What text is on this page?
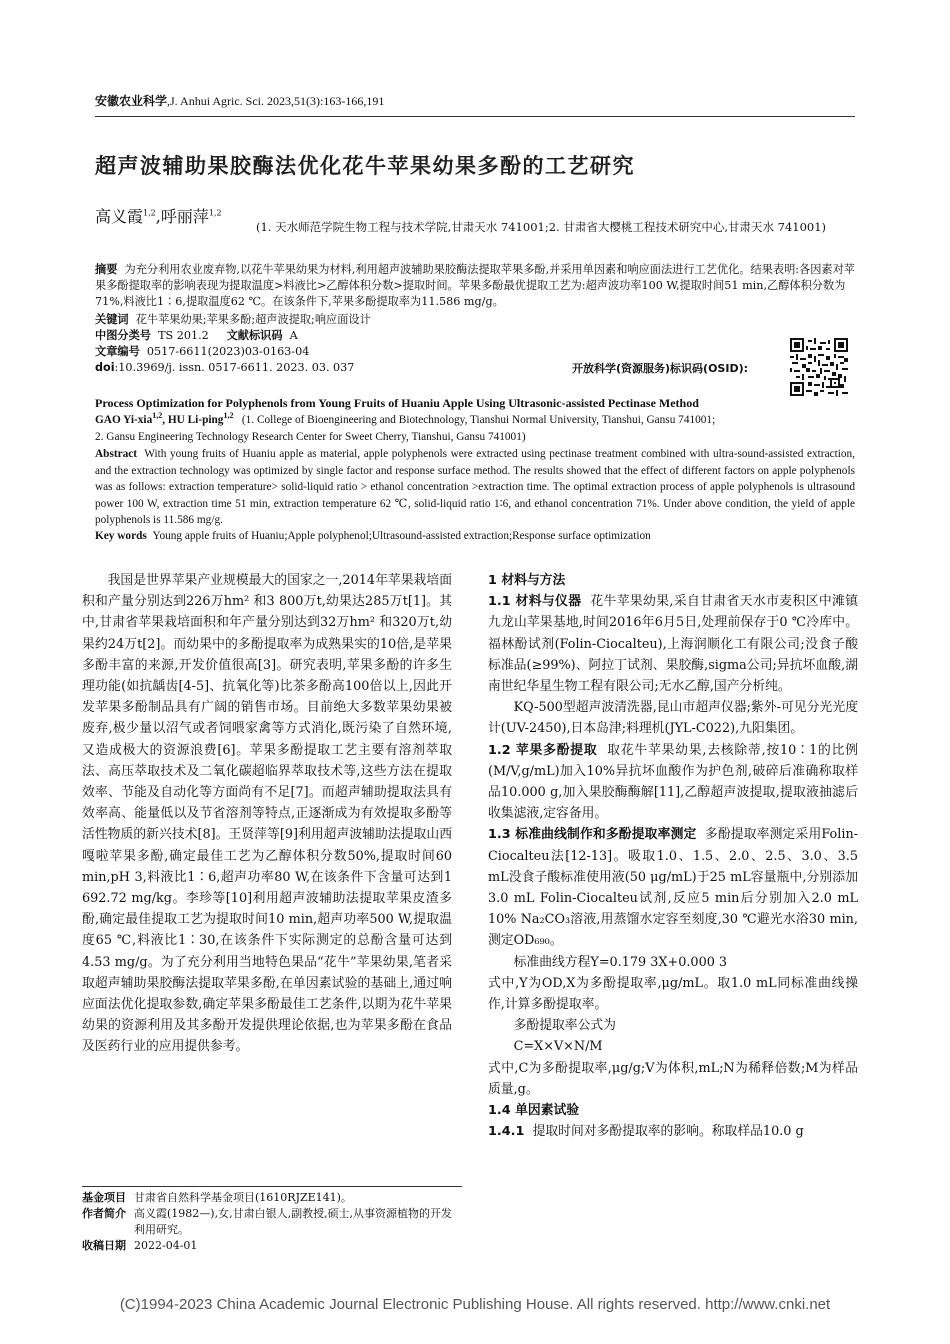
安徽农业科学,J. Anhui Agric. Sci. 2023,51(3):163-166,191
超声波辅助果胶酶法优化花牛苹果幼果多酚的工艺研究
高义霞$^{1,2}$,呼丽萍$^{1,2}$
(1. 天水师范学院生物工程与技术学院,甘肃天水 741001;2. 甘肃省大樱桃工程技术研究中心,甘肃天水 741001)
摘要 为充分利用农业废弃物,以花牛苹果幼果为材料,利用超声波辅助果胶酶法提取苹果多酚,并采用单因素和响应面法进行工艺优化。结果表明:各因素对苹果多酚提取率的影响表现为提取温度>料液比>乙醇体积分数>提取时间。苹果多酚最优提取工艺为:超声波功率100 W,提取时间51 min,乙醇体积分数为71%,料液比1∶6,提取温度62 ℃。在该条件下,苹果多酚提取率为11.586 mg/g。
关键词 花牛苹果幼果;苹果多酚;超声波提取;响应面设计
中图分类号 TS 201.2 文献标识码 A
文章编号 0517-6611(2023)03-0163-04
doi:10.3969/j. issn. 0517-6611. 2023. 03. 037	开放科学(资源服务)标识码(OSID):
Process Optimization for Polyphenols from Young Fruits of Huaniu Apple Using Ultrasonic-assisted Pectinase Method
GAO Yi-xia$^{1,2}$, HU Li-ping$^{1,2}$ (1. College of Bioengineering and Biotechnology, Tianshui Normal University, Tianshui, Gansu 741001;
2. Gansu Engineering Technology Research Center for Sweet Cherry, Tianshui, Gansu 741001)
Abstract With young fruits of Huaniu apple as material, apple polyphenols were extracted using pectinase treatment combined with ultra-sound-assisted extraction, and the extraction technology was optimized by single factor and response surface method. The results showed that the effect of different factors on apple polyphenols was as follows: extraction temperature> solid-liquid ratio > ethanol concentration >extraction time. The optimal extraction process of apple polyphenols is ultrasound power 100 W, extraction time 51 min, extraction temperature 62 ℃, solid-liquid ratio 1∶6, and ethanol concentration 71%. Under above condition, the yield of apple polyphenols is 11.586 mg/g.
Key words Young apple fruits of Huaniu;Apple polyphenol;Ultrasound-assisted extraction;Response surface optimization

我国是世界苹果产业规模最大的国家之一,2014年苹果栽培面积和产量分别达到226万hm² 和3 800万t,幼果达285万t[1]。其中,甘肃省苹果栽培面积和年产量分别达到32万hm² 和320万t,幼果约24万t[2]。而幼果中的多酚提取率为成熟果实的10倍,是苹果多酚丰富的来源,开发价值很高[3]。研究表明,苹果多酚的许多生理功能(如抗龋齿[4-5]、抗氧化等)比茶多酚高100倍以上,因此开发苹果多酚制品具有广阔的销售市场。目前绝大多数苹果幼果被废弃,极少量以沼气或者饲喂家禽等方式消化,既污染了自然环境,又造成极大的资源浪费[6]。苹果多酚提取工艺主要有溶剂萃取法、高压萃取技术及二氧化碳超临界萃取技术等,这些方法在提取效率、节能及自动化等方面尚有不足[7]。而超声辅助提取法具有效率高、能量低以及节省溶剂等特点,正逐渐成为有效提取多酚等活性物质的新兴技术[8]。王贤萍等[9]利用超声波辅助法提取山西嘎啦苹果多酚,确定最佳工艺为乙醇体积分数50%,提取时间60 min,pH 3,料液比1∶6,超声功率80 W,在该条件下含量可达到1 692.72 mg/kg。李珍等[10]利用超声波辅助法提取苹果皮渣多酚,确定最佳提取工艺为提取时间10 min,超声功率500 W,提取温度65 ℃,料液比1∶30,在该条件下实际测定的总酚含量可达到4.53 mg/g。为了充分利用当地特色果品“花牛”苹果幼果,笔者采取超声辅助果胶酶法提取苹果多酚,在单因素试验的基础上,通过响应面法优化提取参数,确定苹果多酚最佳工艺条件,以期为花牛苹果幼果的资源利用及其多酚开发提供理论依据,也为苹果多酚在食品及医药行业的应用提供参考。

基金项目 甘肃省自然科学基金项目(1610RJZE141)。
作者简介 高义霞(1982—),女,甘肃白银人,副教授,硕士,从事资源植物的开发利用研究。
收稿日期 2022-04-01

1 材料与方法

1.1 材料与仪器 花牛苹果幼果,采自甘肃省天水市麦积区中滩镇九龙山苹果基地,时间2016年6月5日,处理前保存于0 ℃冷库中。福林酚试剂(Folin-Ciocalteu),上海润顺化工有限公司;没食子酸标准品(≥99%)、阿拉丁试剂、果胶酶,sigma公司;异抗坏血酸,湖南世纪华星生物工程有限公司;无水乙醇,国产分析纯。

KQ-500型超声波清洗器,昆山市超声仪器;紫外-可见分光光度计(UV-2450),日本岛津;料理机(JYL-C022),九阳集团。

1.2 苹果多酚提取 取花牛苹果幼果,去核除蒂,按10∶1的比例(M/V,g/mL)加入10%异抗坏血酸作为护色剂,破碎后准确称取样品10.000 g,加入果胶酶酶解[11],乙醇超声波提取,提取液抽滤后收集滤液,定容备用。

1.3 标准曲线制作和多酚提取率测定 多酚提取率测定采用Folin-Ciocalteu法[12-13]。吸取1.0、1.5、2.0、2.5、3.0、3.5 mL没食子酸标准使用液(50 μg/mL)于25 mL容量瓶中,分别添加3.0 mL Folin-Ciocalteu试剂,反应5 min后分别加入2.0 mL 10% Na₂CO₃溶液,用蒸馏水定容至刻度,30 ℃避光水浴30 min,测定OD₆₉₀。

标准曲线方程Y=0.179 3X+0.000 3

式中,Y为OD,X为多酚提取率,μg/mL。取1.0 mL同标准曲线操作,计算多酚提取率。

多酚提取率公式为

C=X×V×N/M

式中,C为多酚提取率,μg/g;V为体积,mL;N为稀释倍数;M为样品质量,g。

1.4 单因素试验

1.4.1 提取时间对多酚提取率的影响。称取样品10.0 g

(C)1994-2023 China Academic Journal Electronic Publishing House. All rights reserved. http://www.cnki.net
